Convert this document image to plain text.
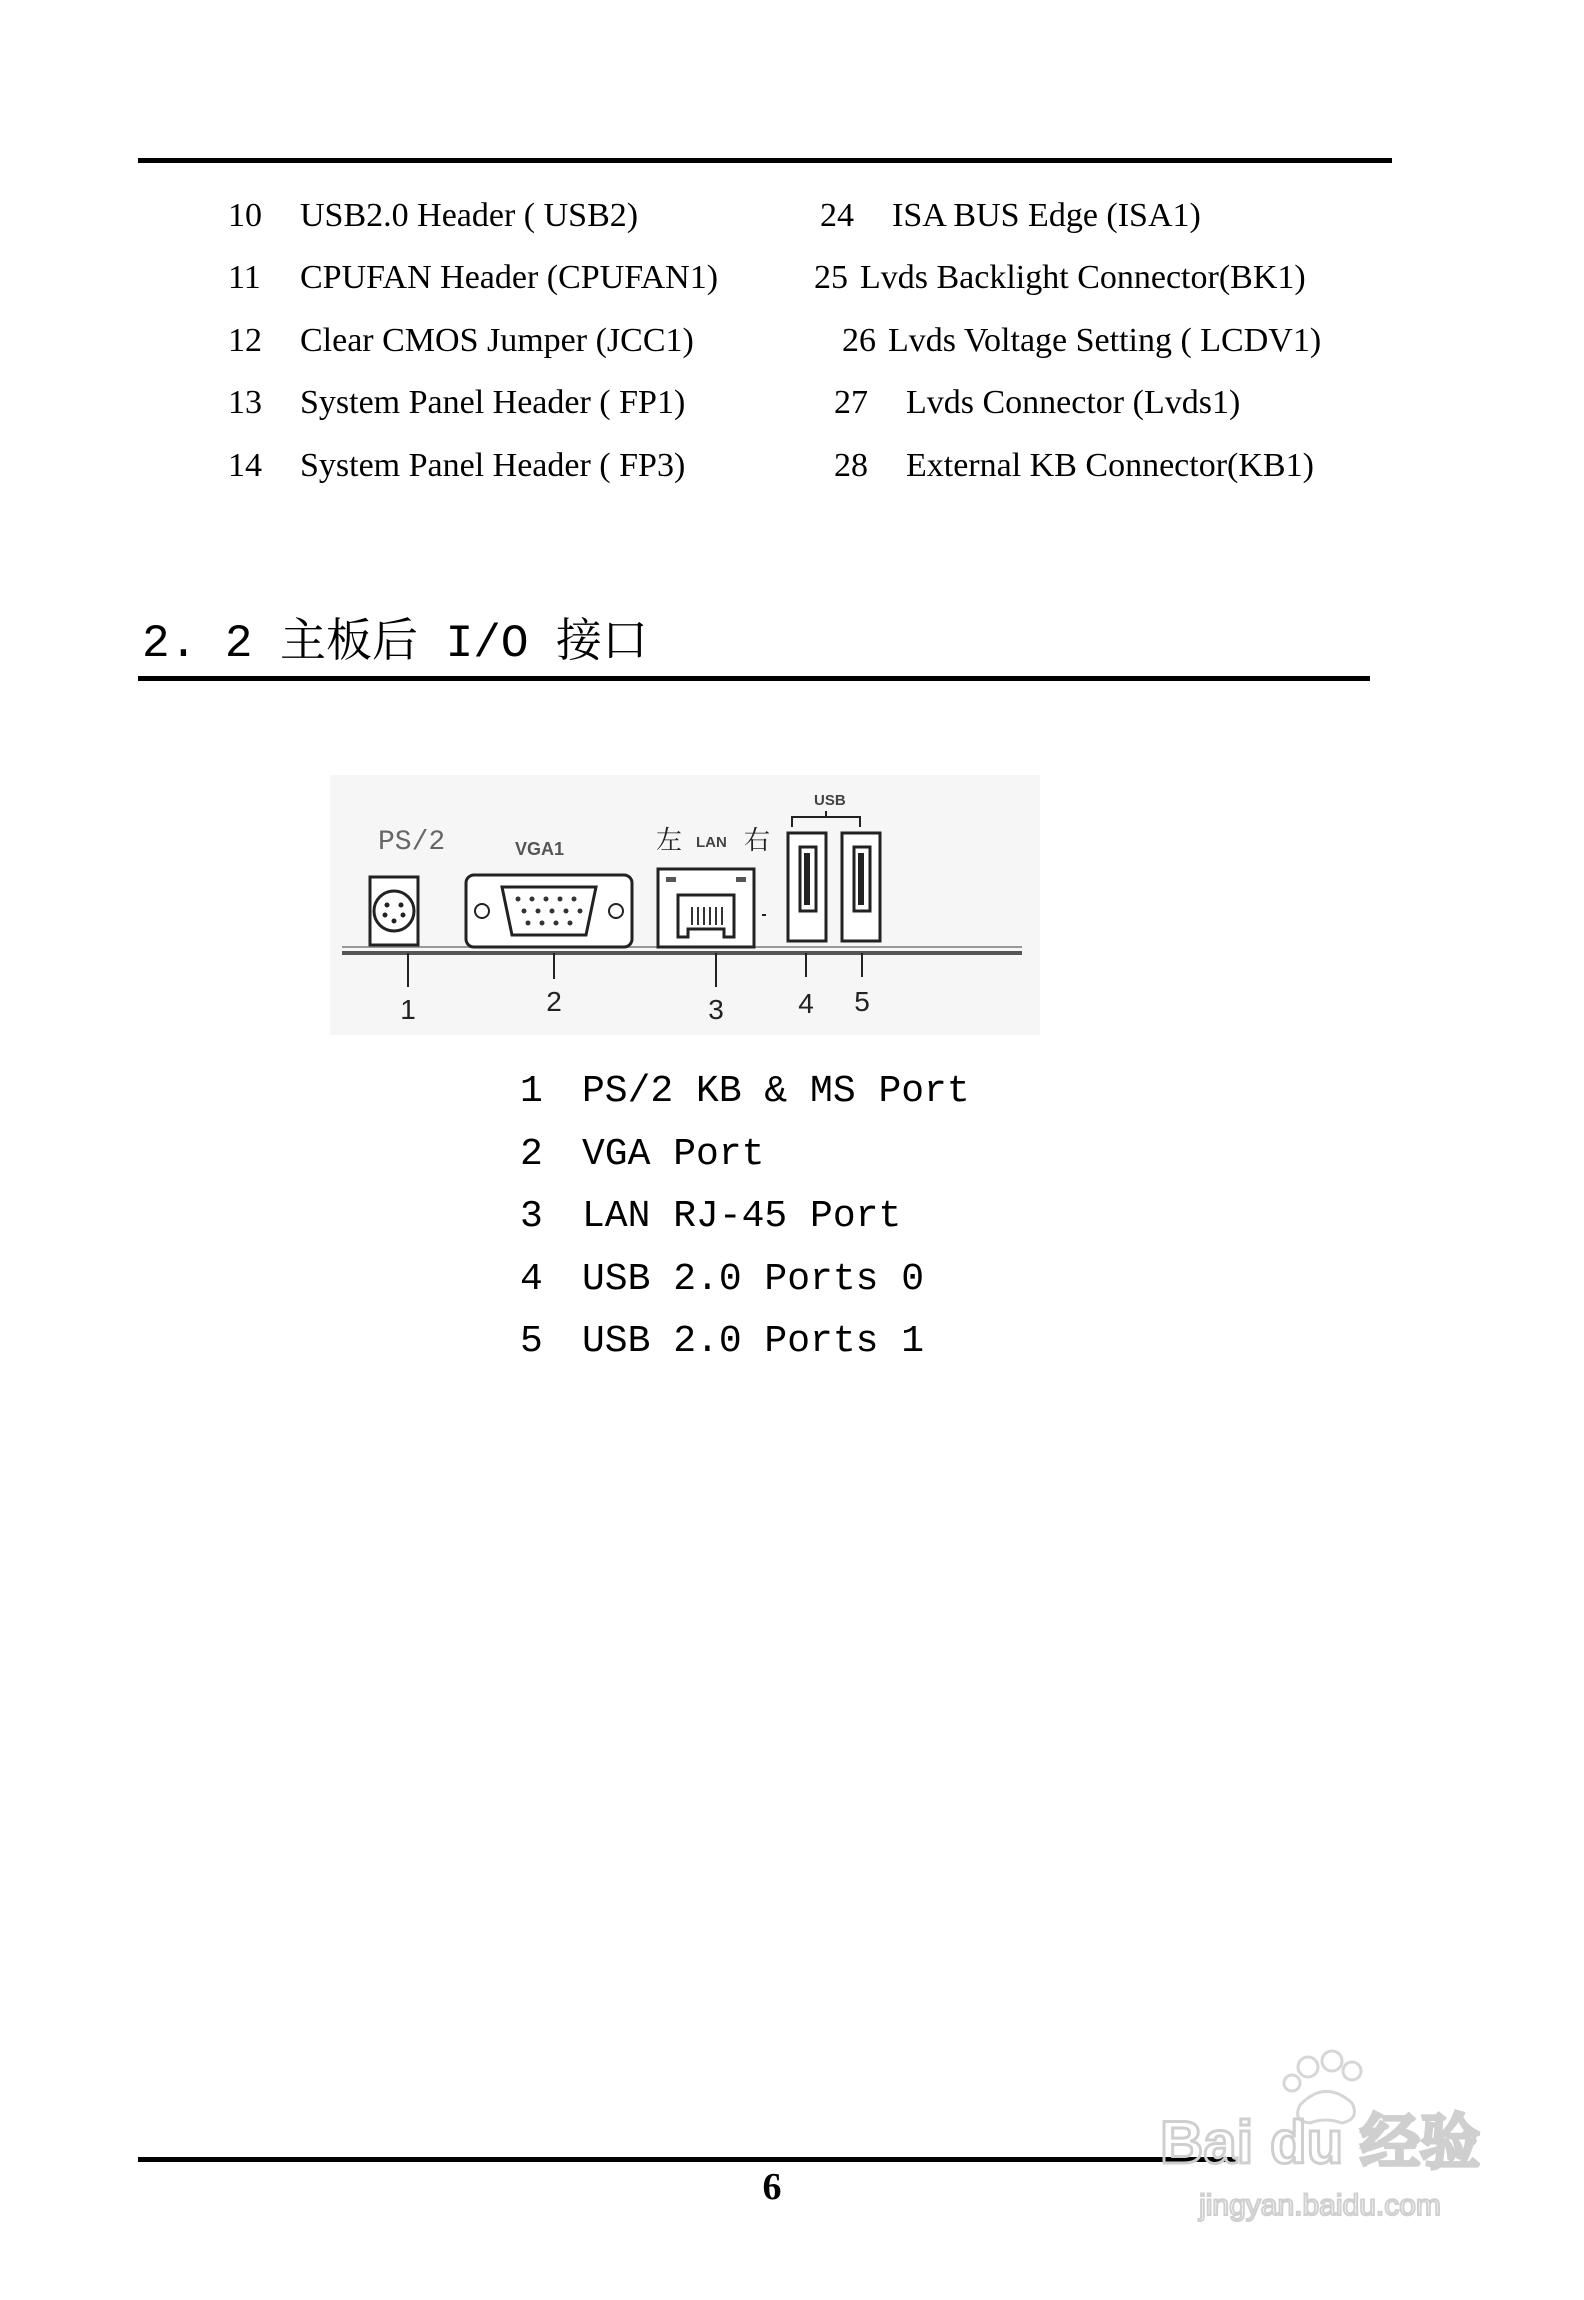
10 USB2.0 Header ( USB2)
11 CPUFAN Header (CPUFAN1)
12 Clear CMOS Jumper (JCC1)
13 System Panel Header ( FP1)
14 System Panel Header ( FP3)
24 ISA BUS Edge (ISA1)
25 Lvds Backlight Connector(BK1)
26 Lvds Voltage Setting ( LCDV1)
27 Lvds Connector (Lvds1)
28 External KB Connector(KB1)
2. 2 主板后 I/O 接口
PS/2	VGA1	左 LAN 右
USB
1	2	3	4 5
1 PS/2 KB & MS Port
2 VGA Port
3 LAN RJ-45 Port
4 USB 2.0 Ports 0
5 USB 2.0 Ports 1
6
Bai du 经验
jingyan.baidu.com
